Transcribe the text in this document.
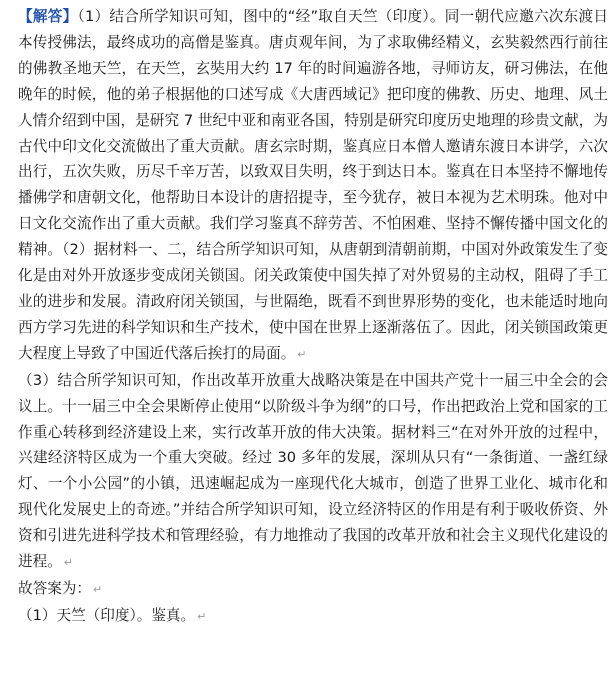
【解答】（1）结合所学知识可知，图中的“经”取自天竺（印度）。同一朝代应邀六次东渡日本传授佛法，最终成功的高僧是鉴真。唐贞观年间，为了求取佛经精义，玄奘毅然西行前往的佛教圣地天竺，在天竺，玄奘用大约 17 年的时间遍游各地，寻师访友，研习佛法，在他晚年的时候，他的弟子根据他的口述写成《大唐西域记》把印度的佛教、历史、地理、风土人情介绍到中国，是研究 7 世纪中亚和南亚各国，特别是研究印度历史地理的珍贵文献，为古代中印文化交流做出了重大贡献。唐玄宗时期，鉴真应日本僧人邀请东渡日本讲学，六次出行，五次失败，历尽千辛万苦，以致双目失明，终于到达日本。鉴真在日本坚持不懈地传播佛学和唐朝文化，他帮助日本设计的唐招提寺，至今犹存，被日本视为艺术明珠。他对中日文化交流作出了重大贡献。我们学习鉴真不辞劳苦、不怕困难、坚持不懈传播中国文化的精神。（2）据材料一、二，结合所学知识可知，从唐朝到清朝前期，中国对外政策发生了变化是由对外开放逐步变成闭关锁国。闭关政策使中国失掉了对外贸易的主动权，阻碍了手工业的进步和发展。清政府闭关锁国，与世隔绝，既看不到世界形势的变化，也未能适时地向西方学习先进的科学知识和生产技术，使中国在世界上逐渐落伍了。因此，闭关锁国政策更大程度上导致了中国近代落后挨打的局面。 ↵

（3）结合所学知识可知，作出改革开放重大战略决策是在中国共产党十一届三中全会的会议上。十一届三中全会果断停止使用“以阶级斗争为纲”的口号，作出把政治上党和国家的工作重心转移到经济建设上来，实行改革开放的伟大决策。据材料三“在对外开放的过程中，兴建经济特区成为一个重大突破。经过 30 多年的发展，深圳从只有“一条街道、一盏红绿灯、一个小公园”的小镇，迅速崛起成为一座现代化大城市，创造了世界工业化、城市化和现代化发展史上的奇迹。”并结合所学知识可知，设立经济特区的作用是有利于吸收侨资、外资和引进先进科学技术和管理经验，有力地推动了我国的改革开放和社会主义现代化建设的进程。 ↵

故答案为： ↵

（1）天竺（印度）。鉴真。 ↵
